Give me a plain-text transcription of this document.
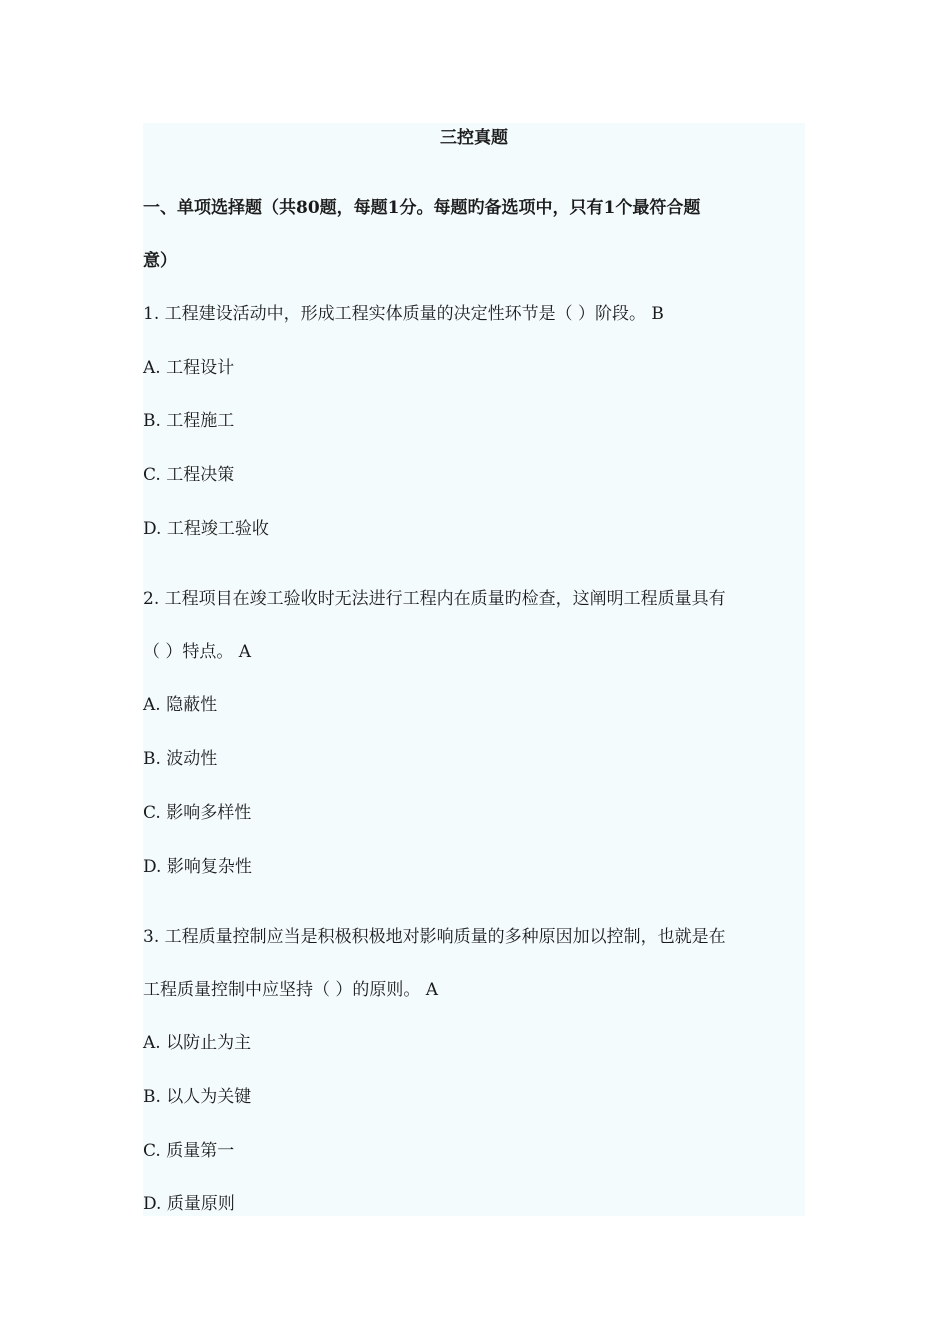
三控真题
一、单项选择题（共80题，每题1分。每题旳备选项中，只有1个最符合题
意）
1. 工程建设活动中，形成工程实体质量的决定性环节是（ ）阶段。 B
A. 工程设计
B. 工程施工
C. 工程决策
D. 工程竣工验收
2. 工程项目在竣工验收时无法进行工程内在质量旳检查，这阐明工程质量具有
（ ）特点。 A
A. 隐蔽性
B. 波动性
C. 影响多样性
D. 影响复杂性
3. 工程质量控制应当是积极积极地对影响质量的多种原因加以控制，也就是在
工程质量控制中应坚持（ ）的原则。 A
A. 以防止为主
B. 以人为关键
C. 质量第一
D. 质量原则
